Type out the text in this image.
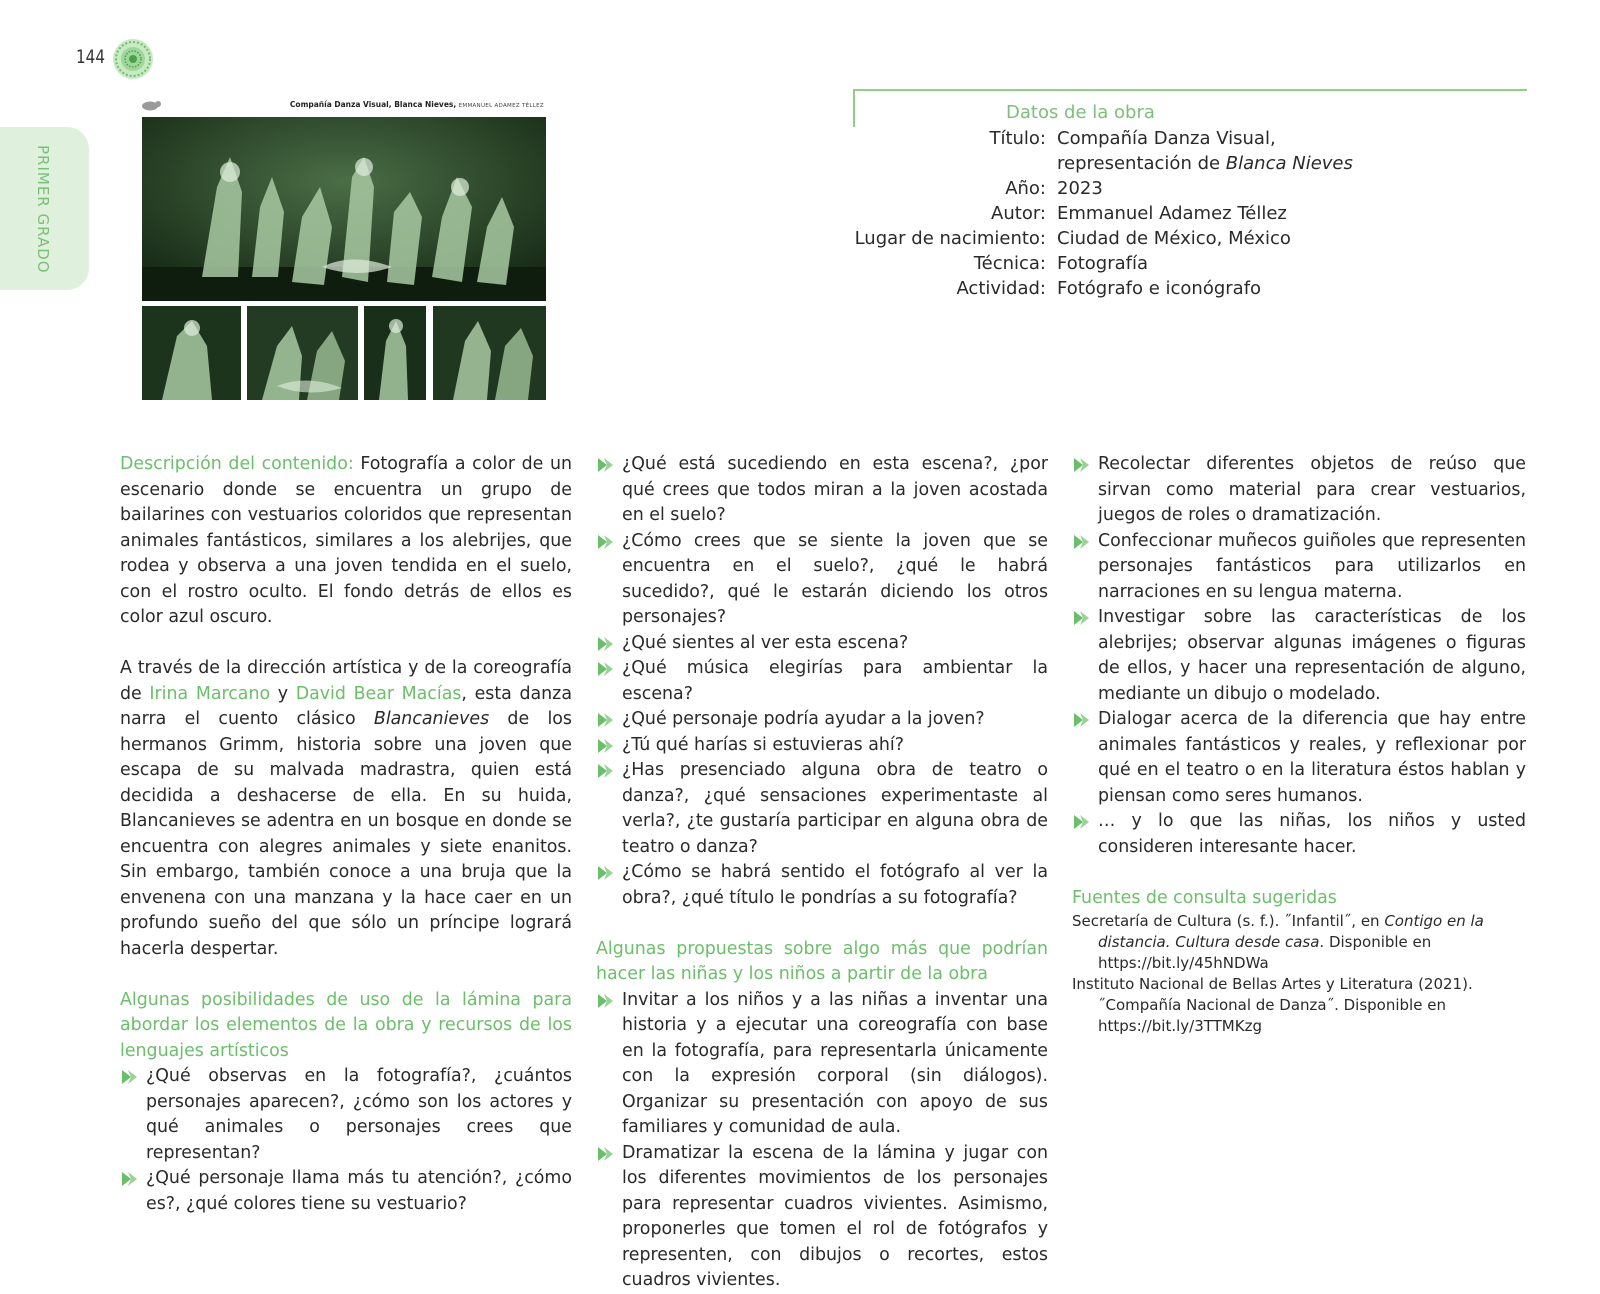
144
PRIMER GRADO
Compañía Danza Visual, Blanca Nieves, EMMANUEL ADAMEZ TÉLLEZ	Datos de la obra
Título: Compañía Danza Visual,
representación de Blanca Nieves
Año: 2023
Autor: Emmanuel Adamez Téllez
Lugar de nacimiento: Ciudad de México, México
Técnica: Fotografía
Actividad: Fotógrafo e iconógrafo

Descripción del contenido: Fotografía a color de un escenario donde se encuentra un grupo de bailarines con vestuarios coloridos que representan animales fantásticos, similares a los alebrijes, que rodea y observa a una joven tendida en el suelo, con el rostro oculto. El fondo detrás de ellos es color azul oscuro.

A través de la dirección artística y de la coreografía de Irina Marcano y David Bear Macías, esta danza narra el cuento clásico Blancanieves de los hermanos Grimm, historia sobre una joven que escapa de su malvada madrastra, quien está decidida a deshacerse de ella. En su huida, Blancanieves se adentra en un bosque en donde se encuentra con alegres animales y siete enanitos. Sin embargo, también conoce a una bruja que la envenena con una manzana y la hace caer en un profundo sueño del que sólo un príncipe logrará hacerla despertar.

Algunas posibilidades de uso de la lámina para abordar los elementos de la obra y recursos de los lenguajes artísticos

¿Qué observas en la fotografía?, ¿cuántos personajes aparecen?, ¿cómo son los actores y qué animales o personajes crees que representan?
¿Qué personaje llama más tu atención?, ¿cómo es?, ¿qué colores tiene su vestuario?
¿Qué está sucediendo en esta escena?, ¿por qué crees que todos miran a la joven acostada en el suelo?
¿Cómo crees que se siente la joven que se encuentra en el suelo?, ¿qué le habrá sucedido?, qué le estarán diciendo los otros personajes?
¿Qué sientes al ver esta escena?
¿Qué música elegirías para ambientar la escena?
¿Qué personaje podría ayudar a la joven?
¿Tú qué harías si estuvieras ahí?
¿Has presenciado alguna obra de teatro o danza?, ¿qué sensaciones experimentaste al verla?, ¿te gustaría participar en alguna obra de teatro o danza?
¿Cómo se habrá sentido el fotógrafo al ver la obra?, ¿qué título le pondrías a su fotografía?

Algunas propuestas sobre algo más que podrían hacer las niñas y los niños a partir de la obra

Invitar a los niños y a las niñas a inventar una historia y a ejecutar una coreografía con base en la fotografía, para representarla únicamente con la expresión corporal (sin diálogos). Organizar su presentación con apoyo de sus familiares y comunidad de aula.
Dramatizar la escena de la lámina y jugar con los diferentes movimientos de los personajes para representar cuadros vivientes. Asimismo, proponerles que tomen el rol de fotógrafos y representen, con dibujos o recortes, estos cuadros vivientes.
Recolectar diferentes objetos de reúso que sirvan como material para crear vestuarios, juegos de roles o dramatización.
Confeccionar muñecos guiñoles que representen personajes fantásticos para utilizarlos en narraciones en su lengua materna.
Investigar sobre las características de los alebrijes; observar algunas imágenes o figuras de ellos, y hacer una representación de alguno, mediante un dibujo o modelado.
Dialogar acerca de la diferencia que hay entre animales fantásticos y reales, y reflexionar por qué en el teatro o en la literatura éstos hablan y piensan como seres humanos.
… y lo que las niñas, los niños y usted consideren interesante hacer.

Fuentes de consulta sugeridas

Secretaría de Cultura (s. f.). ˝Infantil˝, en Contigo en la distancia. Cultura desde casa. Disponible en https://bit.ly/45hNDWa

Instituto Nacional de Bellas Artes y Literatura (2021). ˝Compañía Nacional de Danza˝. Disponible en https://bit.ly/3TTMKzg
